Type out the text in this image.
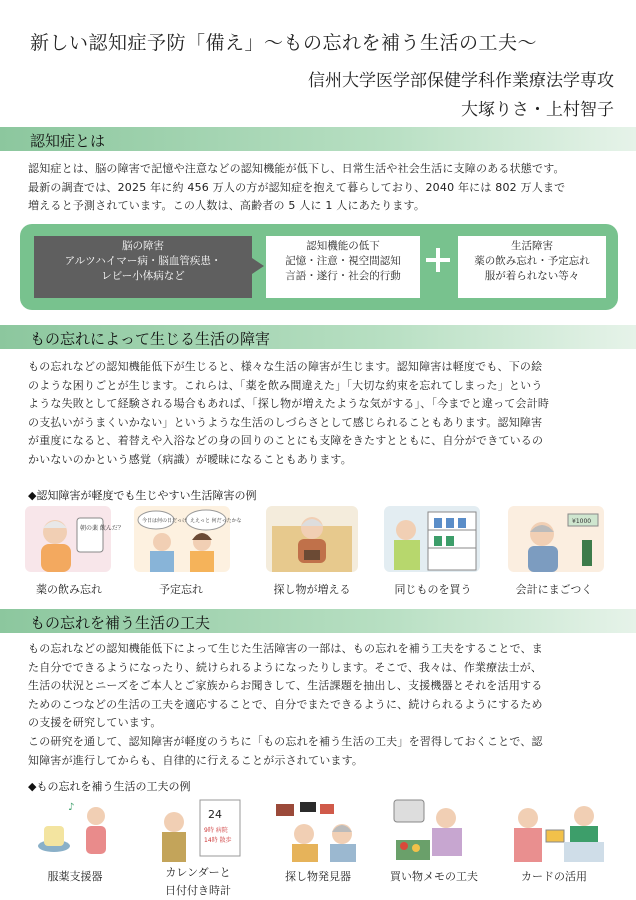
新しい認知症予防「備え」〜もの忘れを補う生活の工夫〜
信州大学医学部保健学科作業療法学専攻
大塚りさ・上村智子
認知症とは
認知症とは、脳の障害で記憶や注意などの認知機能が低下し、日常生活や社会生活に支障のある状態です。
最新の調査では、2025 年に約 456 万人の方が認知症を抱えて暮らしており、2040 年には 802 万人まで
増えると予測されています。この人数は、高齢者の 5 人に 1 人にあたります。
脳の障害
アルツハイマー病・脳血管疾患・
レビー小体病など
認知機能の低下
記憶・注意・視空間認知
言語・遂行・社会的行動
生活障害
薬の飲み忘れ・予定忘れ
服が着られない等々
もの忘れによって生じる生活の障害
もの忘れなどの認知機能低下が生じると、様々な生活の障害が生じます。認知障害は軽度でも、下の絵
のような困りごとが生じます。これらは、「薬を飲み間違えた」「大切な約束を忘れてしまった」という
ような失敗として経験される場合もあれば、「探し物が増えたような気がする」、「今までと違って会計時
の支払いがうまくいかない」というような生活のしづらさとして感じられることもあります。認知障害
が重度になると、着替えや入浴などの身の回りのことにも支障をきたすとともに、自分ができているの
かいないのかという感覚（病識）が曖昧になることもあります。
◆認知障害が軽度でも生じやすい生活障害の例
朝の薬 飲んだ？
薬の飲み忘れ
今日は何の日だっけ ええっと 何だったかな
予定忘れ	探し物が増える	同じものを買う
¥1000
会計にまごつく
もの忘れを補う生活の工夫
もの忘れなどの認知機能低下によって生じた生活障害の一部は、もの忘れを補う工夫をすることで、ま
た自分でできるようになったり、続けられるようになったりします。そこで、我々は、作業療法士が、
生活の状況とニーズをご本人とご家族からお聞きして、生活課題を抽出し、支援機器とそれを活用する
ためのこつなどの生活の工夫を適応することで、自分でまたできるように、続けられるようにするため
の支援を研究しています。
この研究を通して、認知障害が軽度のうちに「もの忘れを補う生活の工夫」を習得しておくことで、認
知障害が進行してからも、自律的に行えることが示されています。
◆もの忘れを補う生活の工夫の例
♪
服薬支援器
24
9時 病院
14時 散歩
カレンダーと
日付付き時計
探し物発見器	買い物メモの工夫	カードの活用
